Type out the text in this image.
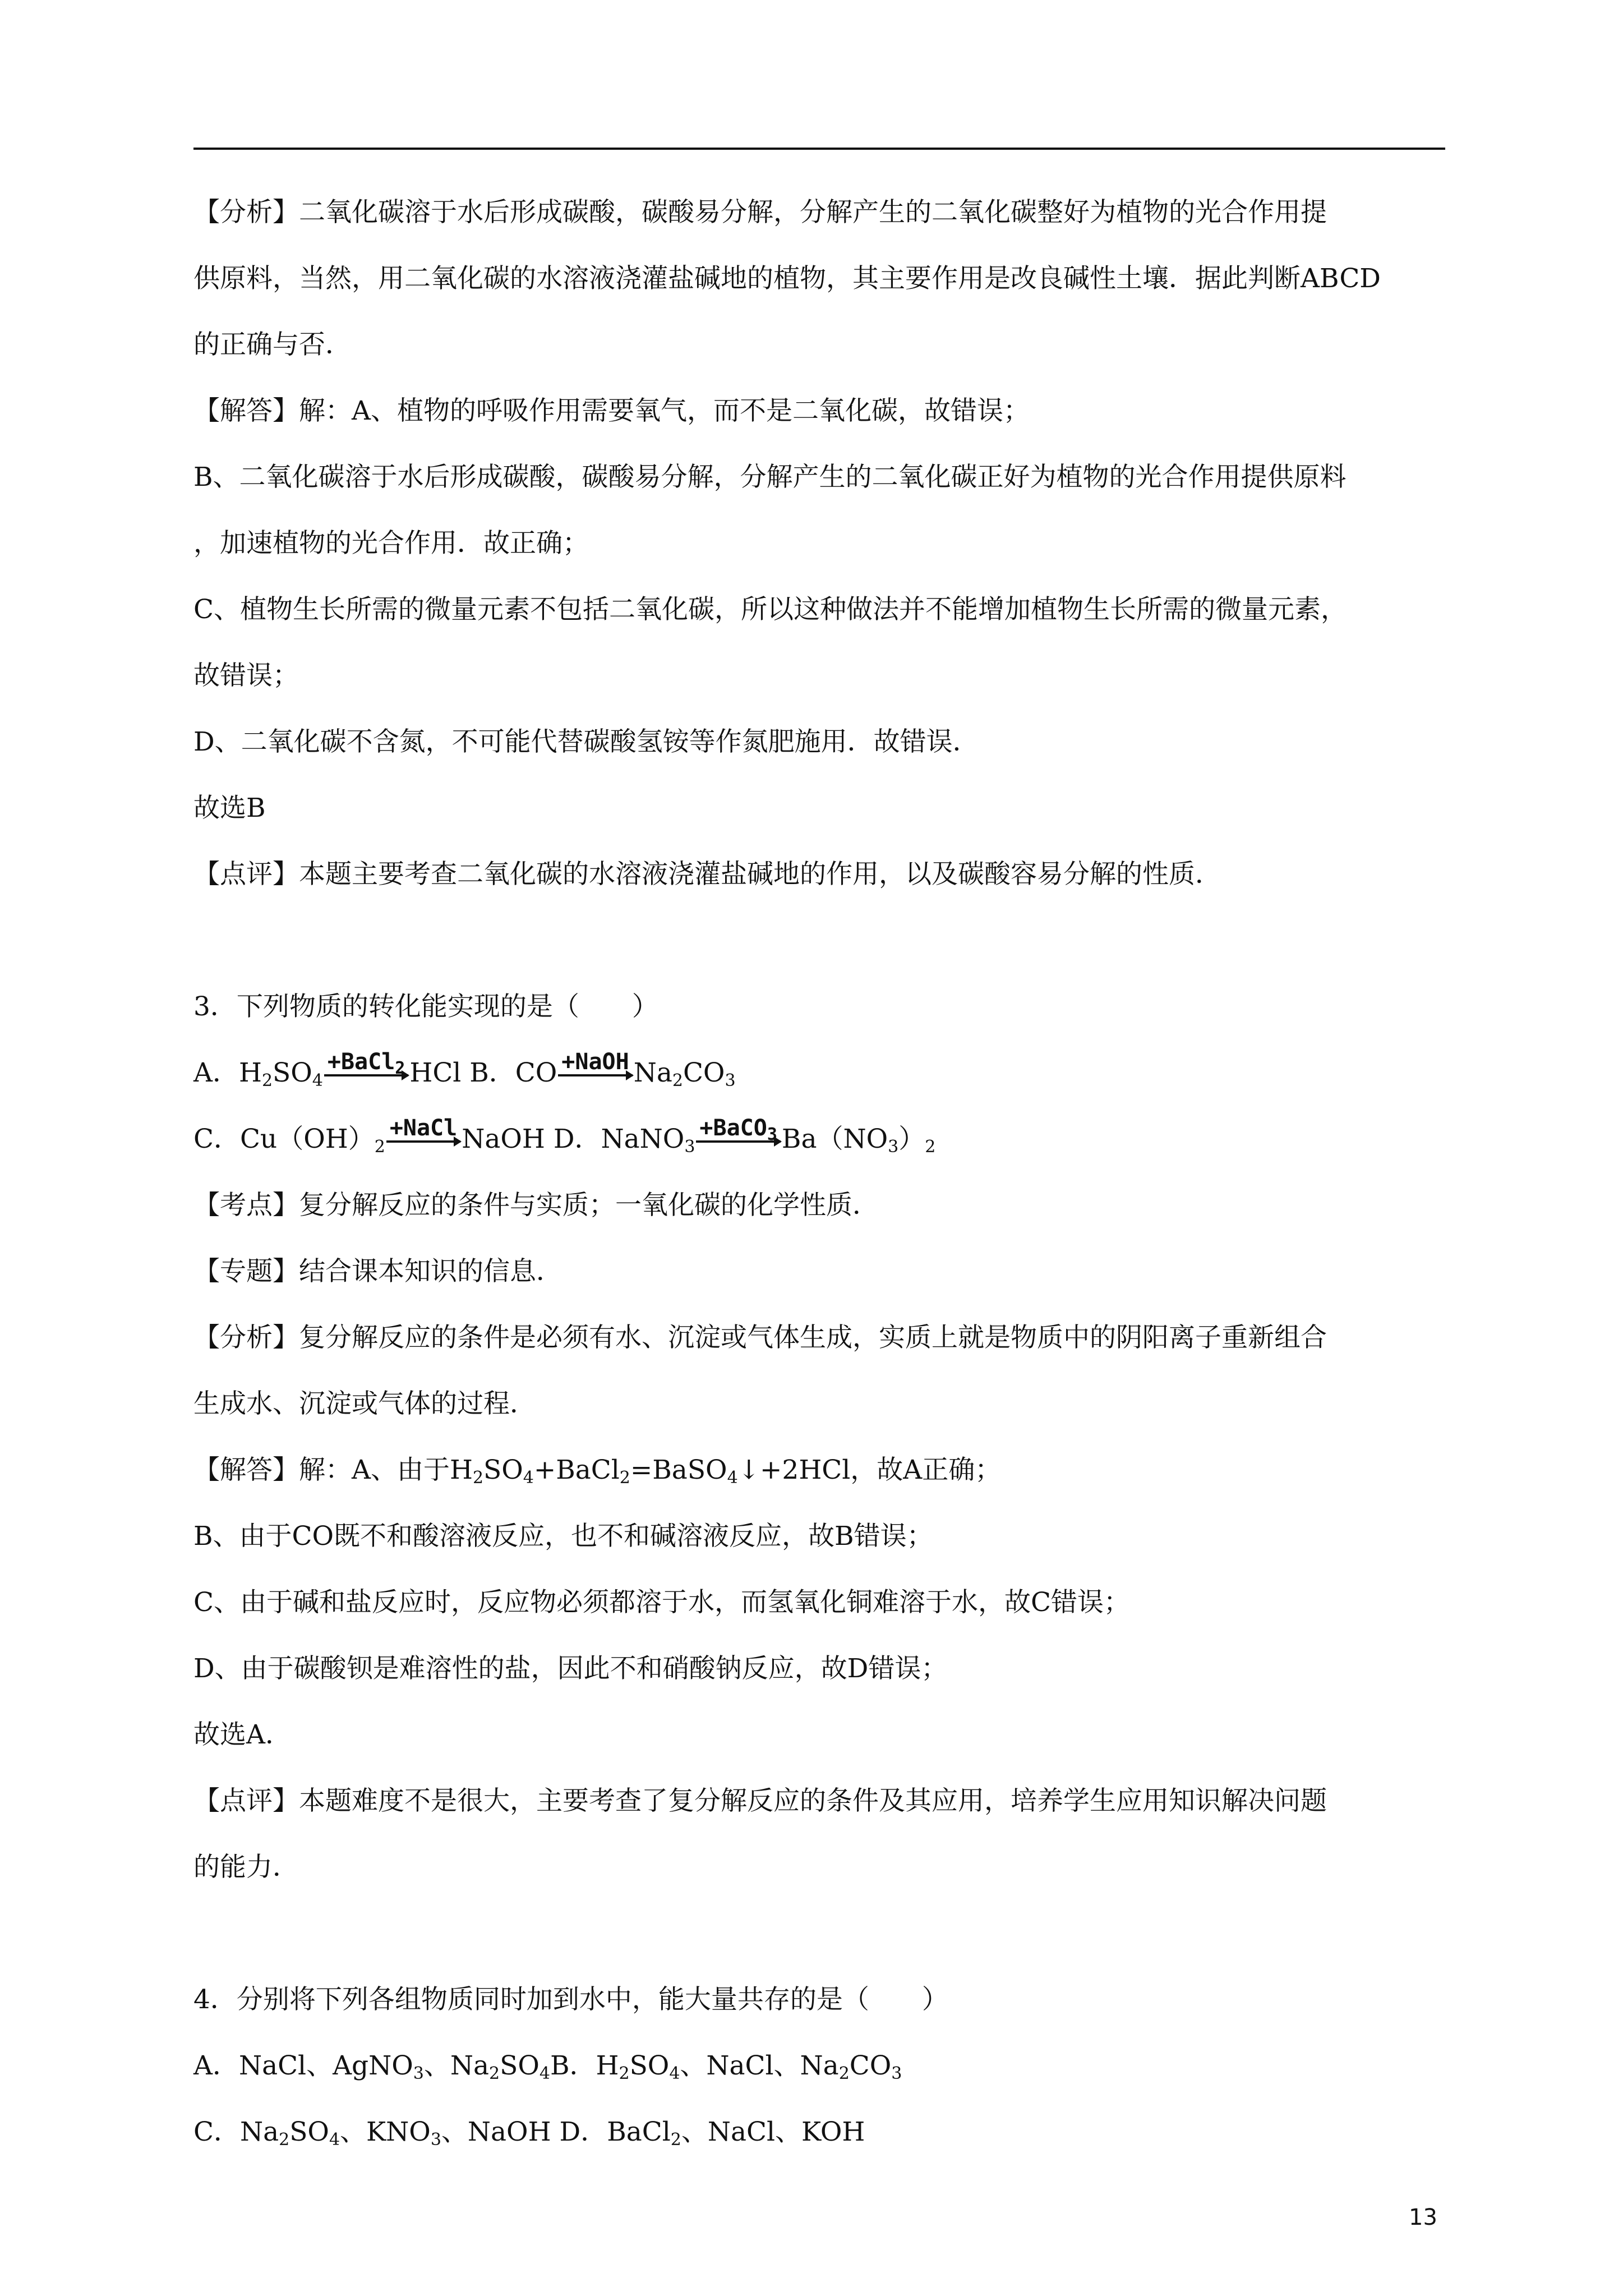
【分析】二氧化碳溶于水后形成碳酸，碳酸易分解，分解产生的二氧化碳整好为植物的光合作用提
供原料，当然，用二氧化碳的水溶液浇灌盐碱地的植物，其主要作用是改良碱性土壤．据此判断ABCD
的正确与否．
【解答】解：A、植物的呼吸作用需要氧气，而不是二氧化碳，故错误；
B、二氧化碳溶于水后形成碳酸，碳酸易分解，分解产生的二氧化碳正好为植物的光合作用提供原料
，加速植物的光合作用．故正确；
C、植物生长所需的微量元素不包括二氧化碳，所以这种做法并不能增加植物生长所需的微量元素，
故错误；
D、二氧化碳不含氮，不可能代替碳酸氢铵等作氮肥施用．故错误．
故选B
【点评】本题主要考查二氧化碳的水溶液浇灌盐碱地的作用，以及碳酸容易分解的性质．
3．下列物质的转化能实现的是（　　）
A．$H_2SO_4$
+BaCl$_2$ HCl B．CO +NaOH $Na_2CO_3$
C．$Cu(OH)_2$
+NaCl NaOH D．NaNO$_3$
+BaCO$_3$ $Ba(NO_3)_2$
【考点】复分解反应的条件与实质；一氧化碳的化学性质．
【专题】结合课本知识的信息．
【分析】复分解反应的条件是必须有水、沉淀或气体生成，实质上就是物质中的阴阳离子重新组合
生成水、沉淀或气体的过程．
【解答】解：A、由于$H_2SO_4+BaCl_2=BaSO_4↓+2HCl$，故A正确；
B、由于CO既不和酸溶液反应，也不和碱溶液反应，故B错误；
C、由于碱和盐反应时，反应物必须都溶于水，而氢氧化铜难溶于水，故C错误；
D、由于碳酸钡是难溶性的盐，因此不和硝酸钠反应，故D错误；
故选A．
【点评】本题难度不是很大，主要考查了复分解反应的条件及其应用，培养学生应用知识解决问题
的能力．
4．分别将下列各组物质同时加到水中，能大量共存的是（　　）
A．NaCl、AgNO$_3$、$Na_2SO_4B$．$H_2SO_4$、NaCl、$Na_2CO_3$
C．$Na_2SO_4$、$KNO_3$、NaOH D．BaCl$_2$、NaCl、KOH
13
